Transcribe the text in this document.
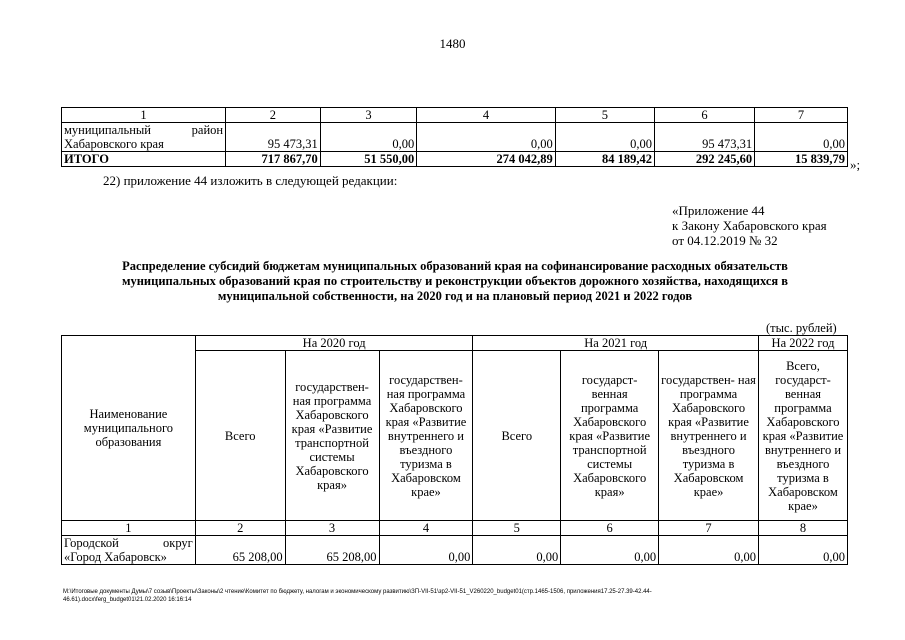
1480
1	2	3	4	5	6	7

муниципальный район
Хабаровского края	95 473,31	0,00	0,00	0,00	95 473,31	0,00
ИТОГО	717 867,70	51 550,00	274 042,89	84 189,42	292 245,60	15 839,79 »;
22) приложение 44 изложить в следующей редакции:
«Приложение 44
к Закону Хабаровского края
от 04.12.2019 № 32
Распределение субсидий бюджетам муниципальных образований края на софинансирование расходных обязательств
муниципальных образований края по строительству и реконструкции объектов дорожного хозяйства, находящихся в
муниципальной собственности, на 2020 год и на плановый период 2021 и 2022 годов
(тыс. рублей)
Наименование муниципального образования	На 2020 год			На 2021 год			На 2022 год
	Всего	государствен- ная программа Хабаровского края «Развитие транспортной системы Хабаровского края»	государствен- ная программа Хабаровского края «Развитие внутреннего и въездного туризма в Хабаровском крае»	Всего	государст- венная программа Хабаровского края «Развитие транспортной системы Хабаровского края»	государствен- ная программа Хабаровского края «Развитие внутреннего и въездного туризма в Хабаровском крае»	Всего, государст- венная программа Хабаровского края «Развитие внутреннего и въездного туризма в Хабаровском крае»
1	2	3	4	5	6	7	8

Городской округ
«Город Хабаровск»	65 208,00	65 208,00	0,00	0,00	0,00	0,00	0,00
М:\Итоговые документы Думы\7 созыв\Проекты\Законы\2 чтение\Комитет по бюджету, налогам и экономическому развитию\ЗП-VII-51\зр2-VII-51_V260220_budget01(стр.1465-1506, приложения17.25-27.39-42.44-
46.61).docx\ferg_budget01\21.02.2020 16:16:14
